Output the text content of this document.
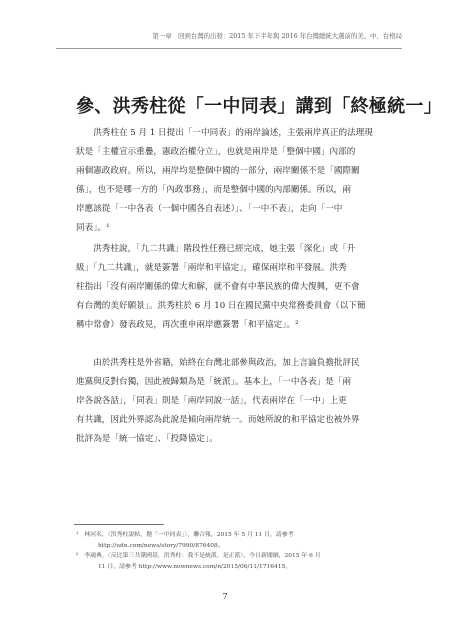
第一章　回到台灣的出發：2015 年下半年與 2016 年台灣總統大選前的美、中、台格局
參、洪秀柱從「一中同表」講到「終極統一」
　　洪秀柱在 5 月 1 日提出「一中同表」的兩岸論述，主張兩岸真正的法理現
狀是「主權宣示重疊，憲政治權分立」，也就是兩岸是「整個中國」內部的
兩個憲政政府。所以，兩岸均是整個中國的一部分，兩岸關係不是「國際關
係」，也不是哪一方的「內政事務」，而是整個中國的內部關係。所以，兩
岸應該從「一中各表（一個中國各自表述）」、「一中不表」，走向「一中
同表」。¹
　　洪秀柱說，「九二共識」階段性任務已經完成，她主張「深化」或「升
級」「九二共識」，就是簽署「兩岸和平協定」，確保兩岸和平發展。洪秀
柱指出「沒有兩岸關係的偉大和解，就不會有中華民族的偉大復興，更不會
有台灣的美好願景」。洪秀柱於 6 月 10 日在國民黨中央常務委員會（以下簡
稱中常會）發表政見，再次重申兩岸應簽署「和平協定」。²
　　由於洪秀柱是外省籍，始終在台灣北部參與政治，加上言論負擔批評民
進黨與反對台獨，因此被歸類為是「統派」。基本上，「一中各表」是「兩
岸各說各話」，「同表」則是「兩岸同說一話」，代表兩岸在「一中」上更
有共識，因此外界認為此說是傾向兩岸統一。而她所說的和平協定也被外界
批評為是「統一協定」、「投降協定」。
¹　林河名，〈洪秀柱說帖，拋「一中同表」〉，聯合報，2015 年 5 月 11 日，請參考
http://udn.com/news/story/7990/876408。
²　李鴻典，〈反比第三共黨國基，洪秀柱：我不是統派、是正派〉，今日新聞網，2015 年 6 月
11 日，請參考 http://www.nownews.com/n/2015/06/11/1716415。
7
